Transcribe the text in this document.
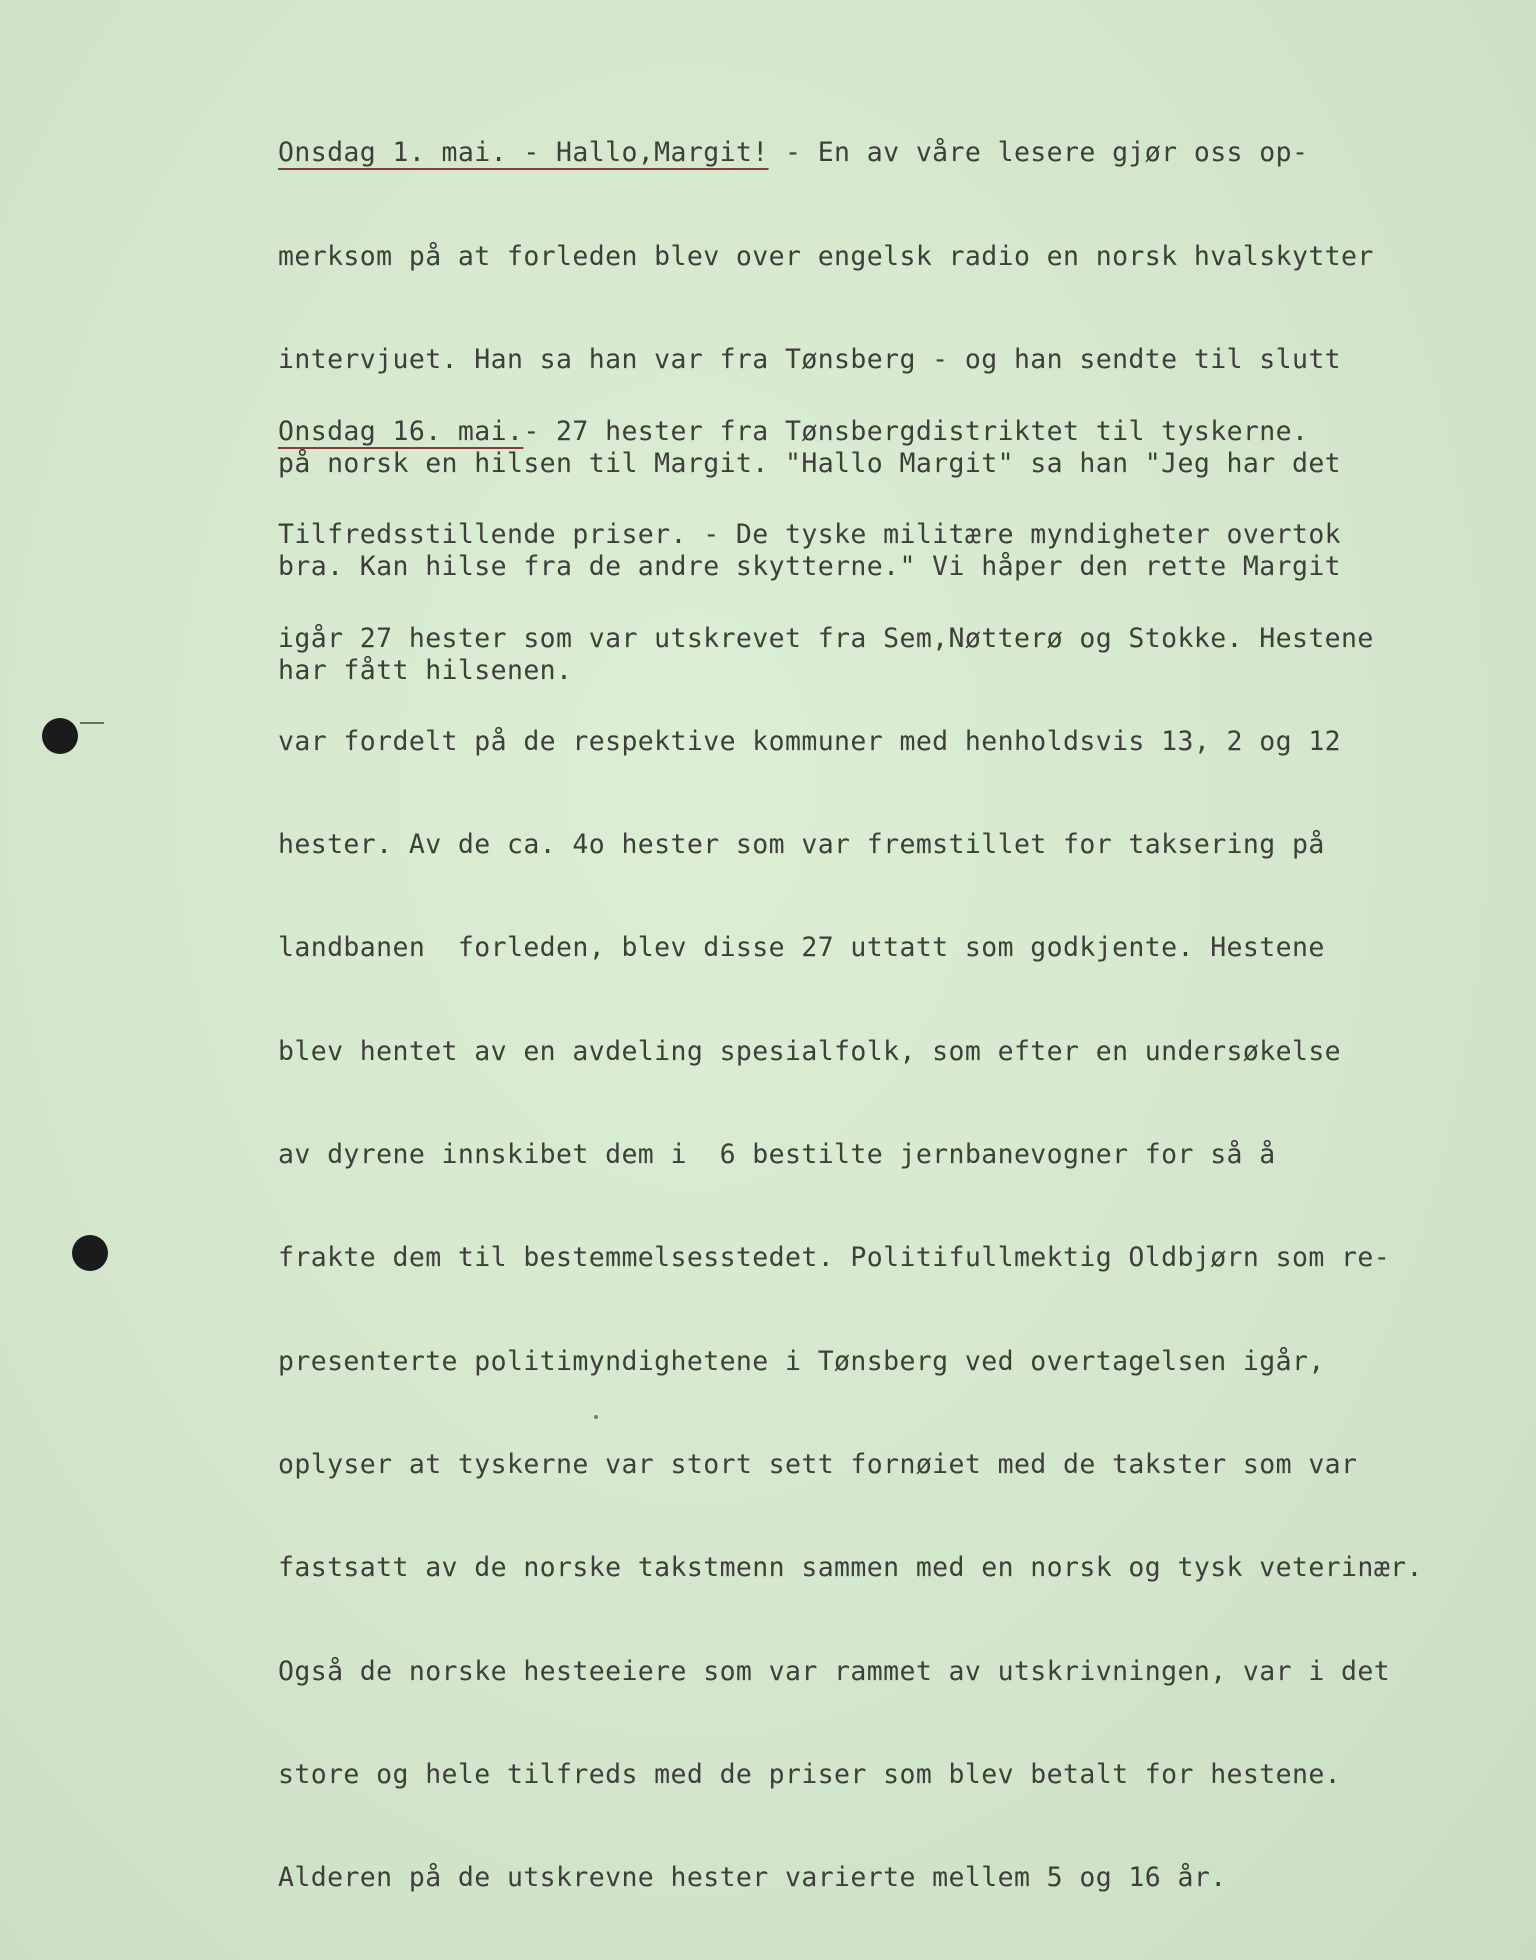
Onsdag 1. mai. - Hallo,Margit! - En av våre lesere gjør oss op-

merksom på at forleden blev over engelsk radio en norsk hvalskytter

intervjuet. Han sa han var fra Tønsberg - og han sendte til slutt

på norsk en hilsen til Margit. "Hallo Margit" sa han "Jeg har det

bra. Kan hilse fra de andre skytterne." Vi håper den rette Margit

har fått hilsenen.

Onsdag 16. mai.- 27 hester fra Tønsbergdistriktet til tyskerne.

Tilfredsstillende priser. - De tyske militære myndigheter overtok

igår 27 hester som var utskrevet fra Sem,Nøtterø og Stokke. Hestene

var fordelt på de respektive kommuner med henholdsvis 13, 2 og 12

hester. Av de ca. 4o hester som var fremstillet for taksering på

landbanen  forleden, blev disse 27 uttatt som godkjente. Hestene

blev hentet av en avdeling spesialfolk, som efter en undersøkelse

av dyrene innskibet dem i  6 bestilte jernbanevogner for så å

frakte dem til bestemmelsesstedet. Politifullmektig Oldbjørn som re-

presenterte politimyndighetene i Tønsberg ved overtagelsen igår,

oplyser at tyskerne var stort sett fornøiet med de takster som var

fastsatt av de norske takstmenn sammen med en norsk og tysk veterinær.

Også de norske hesteeiere som var rammet av utskrivningen, var i det

store og hele tilfreds med de priser som blev betalt for hestene.

Alderen på de utskrevne hester varierte mellem 5 og 16 år.
